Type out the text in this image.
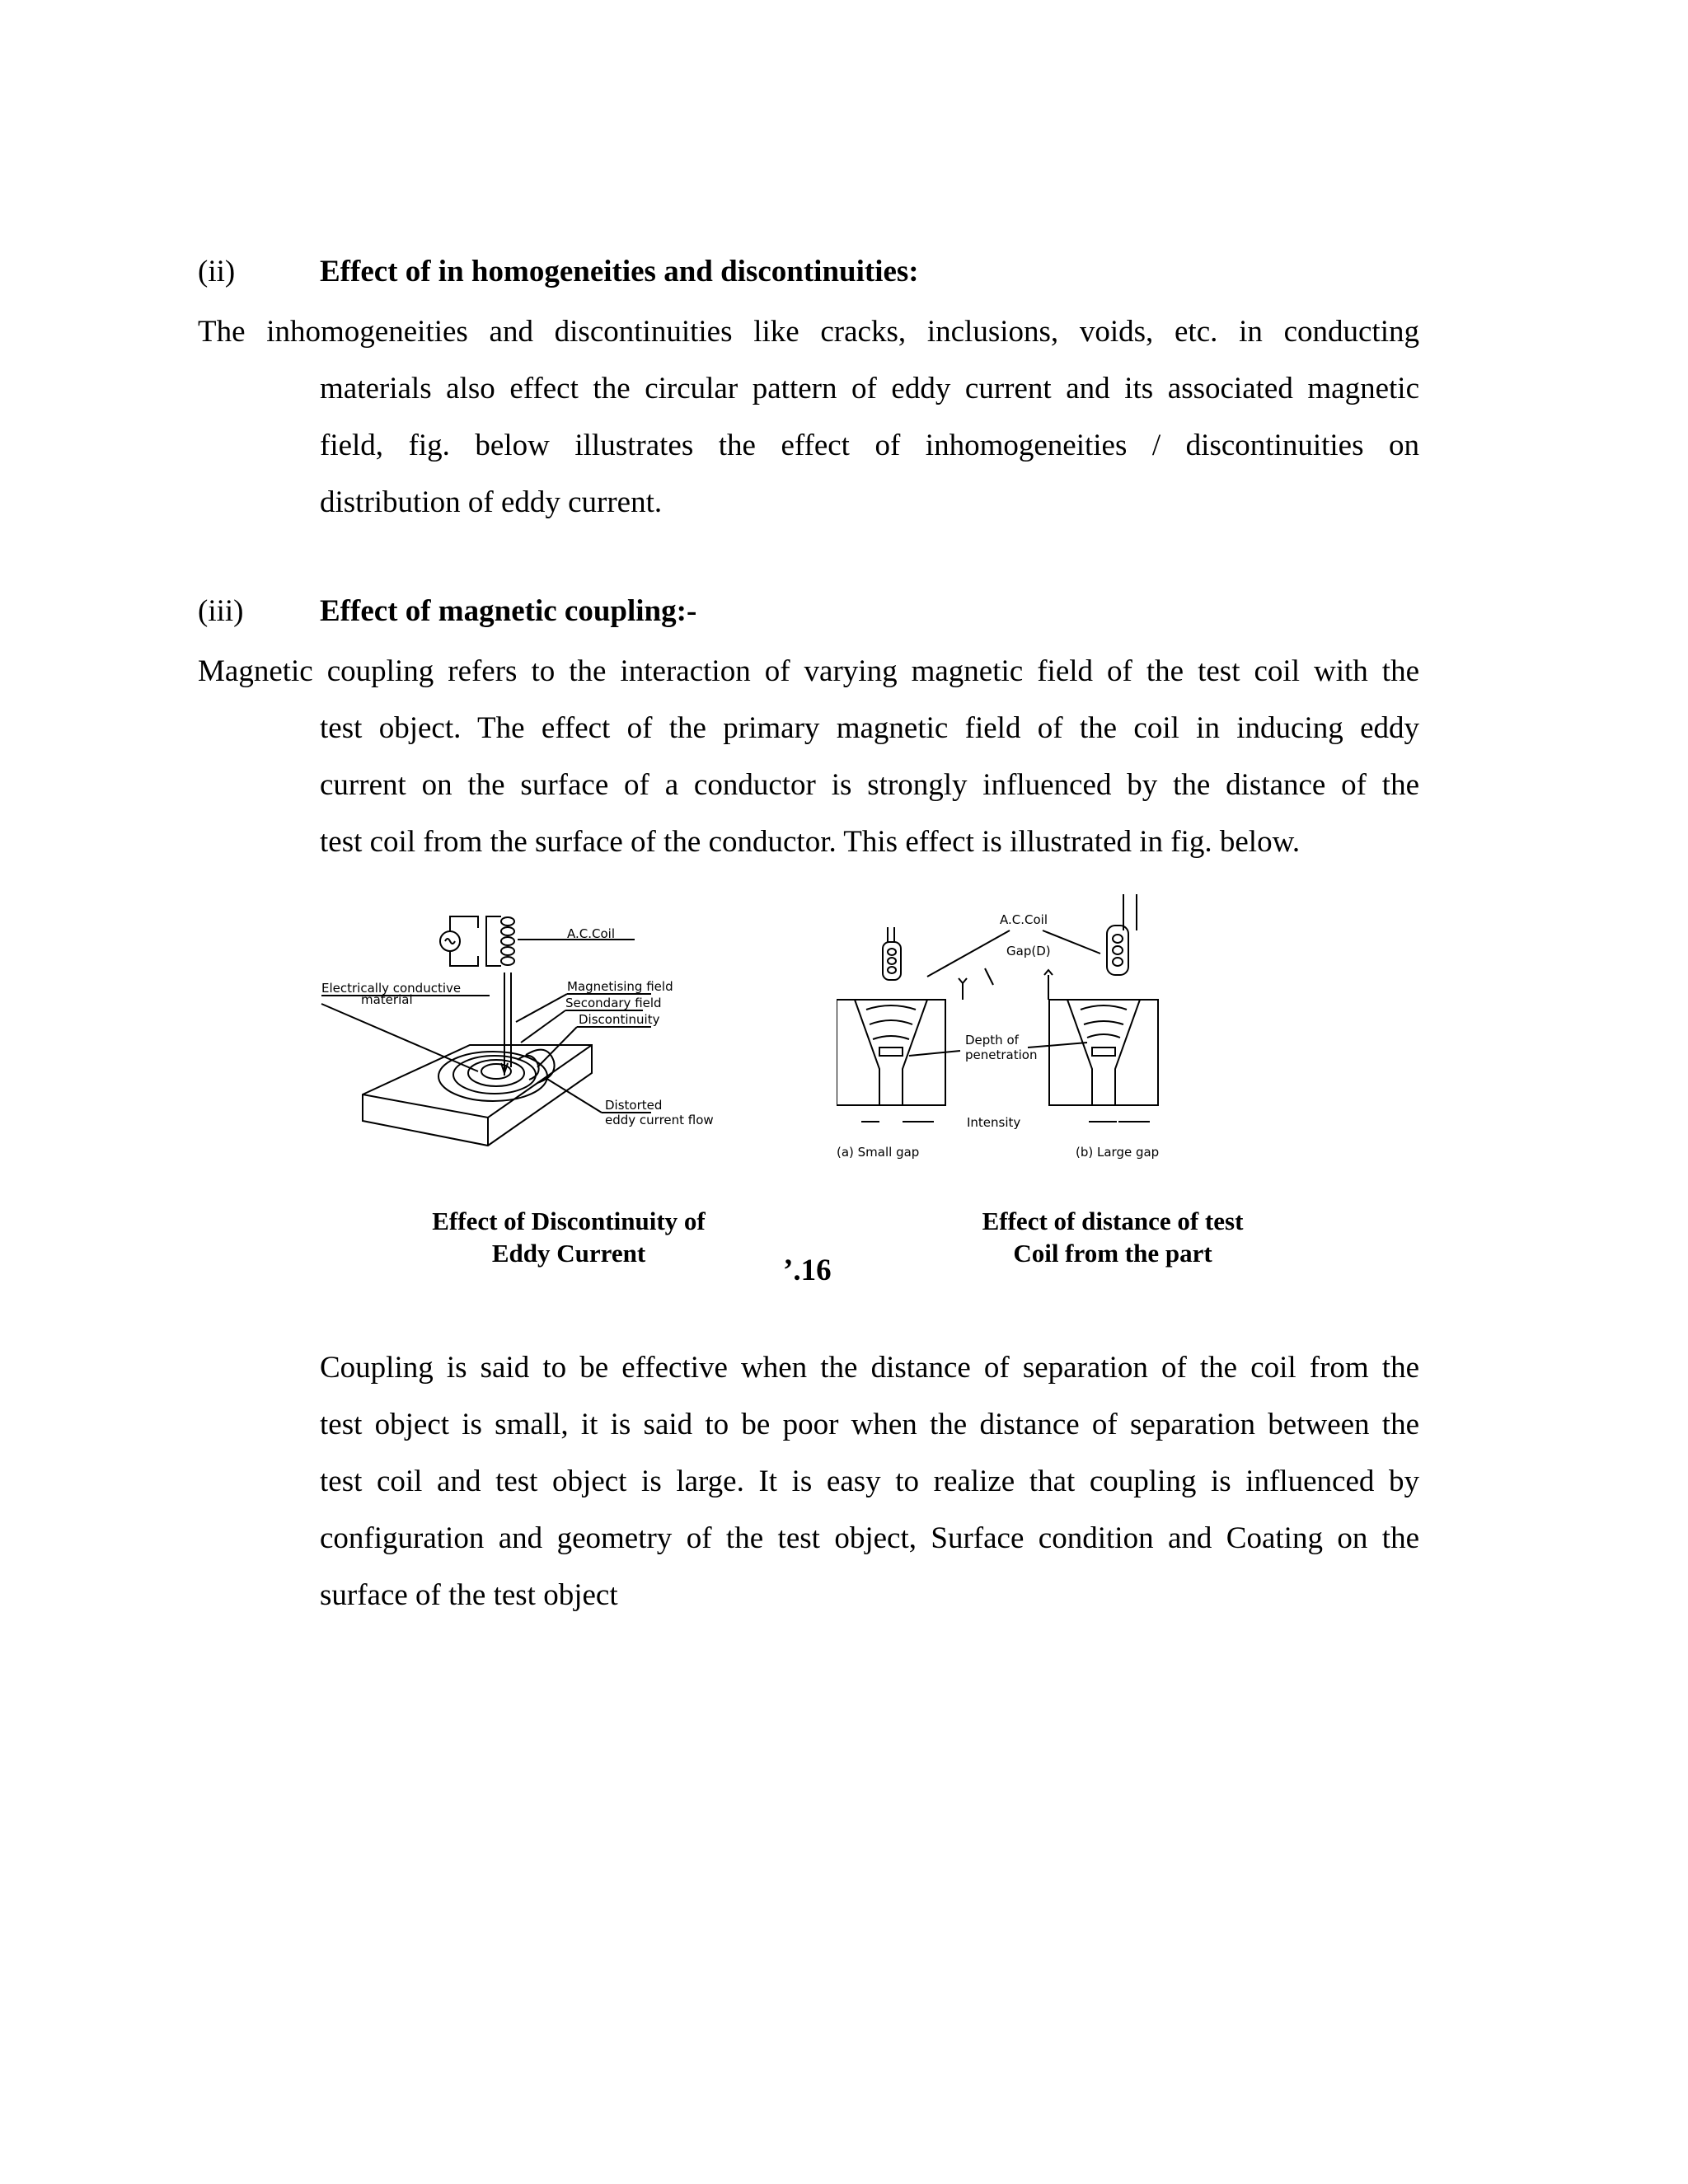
(ii)	Effect of in homogeneities and discontinuities:
The inhomogeneities and discontinuities like cracks, inclusions, voids, etc. in conducting
materials also effect the circular pattern of eddy current and its associated magnetic
field, fig. below illustrates the effect of inhomogeneities / discontinuities on
distribution of eddy current.
(iii)	Effect of magnetic coupling:-
Magnetic coupling refers to the interaction of varying magnetic field of the test coil with the
test object. The effect of the primary magnetic field of the coil in inducing eddy
current on the surface of a conductor is strongly influenced by the distance of the
test coil from the surface of the conductor. This effect is illustrated in fig. below.
A.C.Coil
Electrically conductive
material
Magnetising field
Secondary field
Discontinuity
Distorted
eddy current flow
A.C.Coil
Gap(D)
Depth of
penetration
Intensity
(a) Small gap	(b) Large gap
Effect of Discontinuity of
Eddy Current
Effect of distance of test
Coil from the part
’.16
Coupling is said to be effective when the distance of separation of the coil from the
test object is small, it is said to be poor when the distance of separation between the
test coil and test object is large. It is easy to realize that coupling is influenced by
configuration and geometry of the test object, Surface condition and Coating on the
surface of the test object
